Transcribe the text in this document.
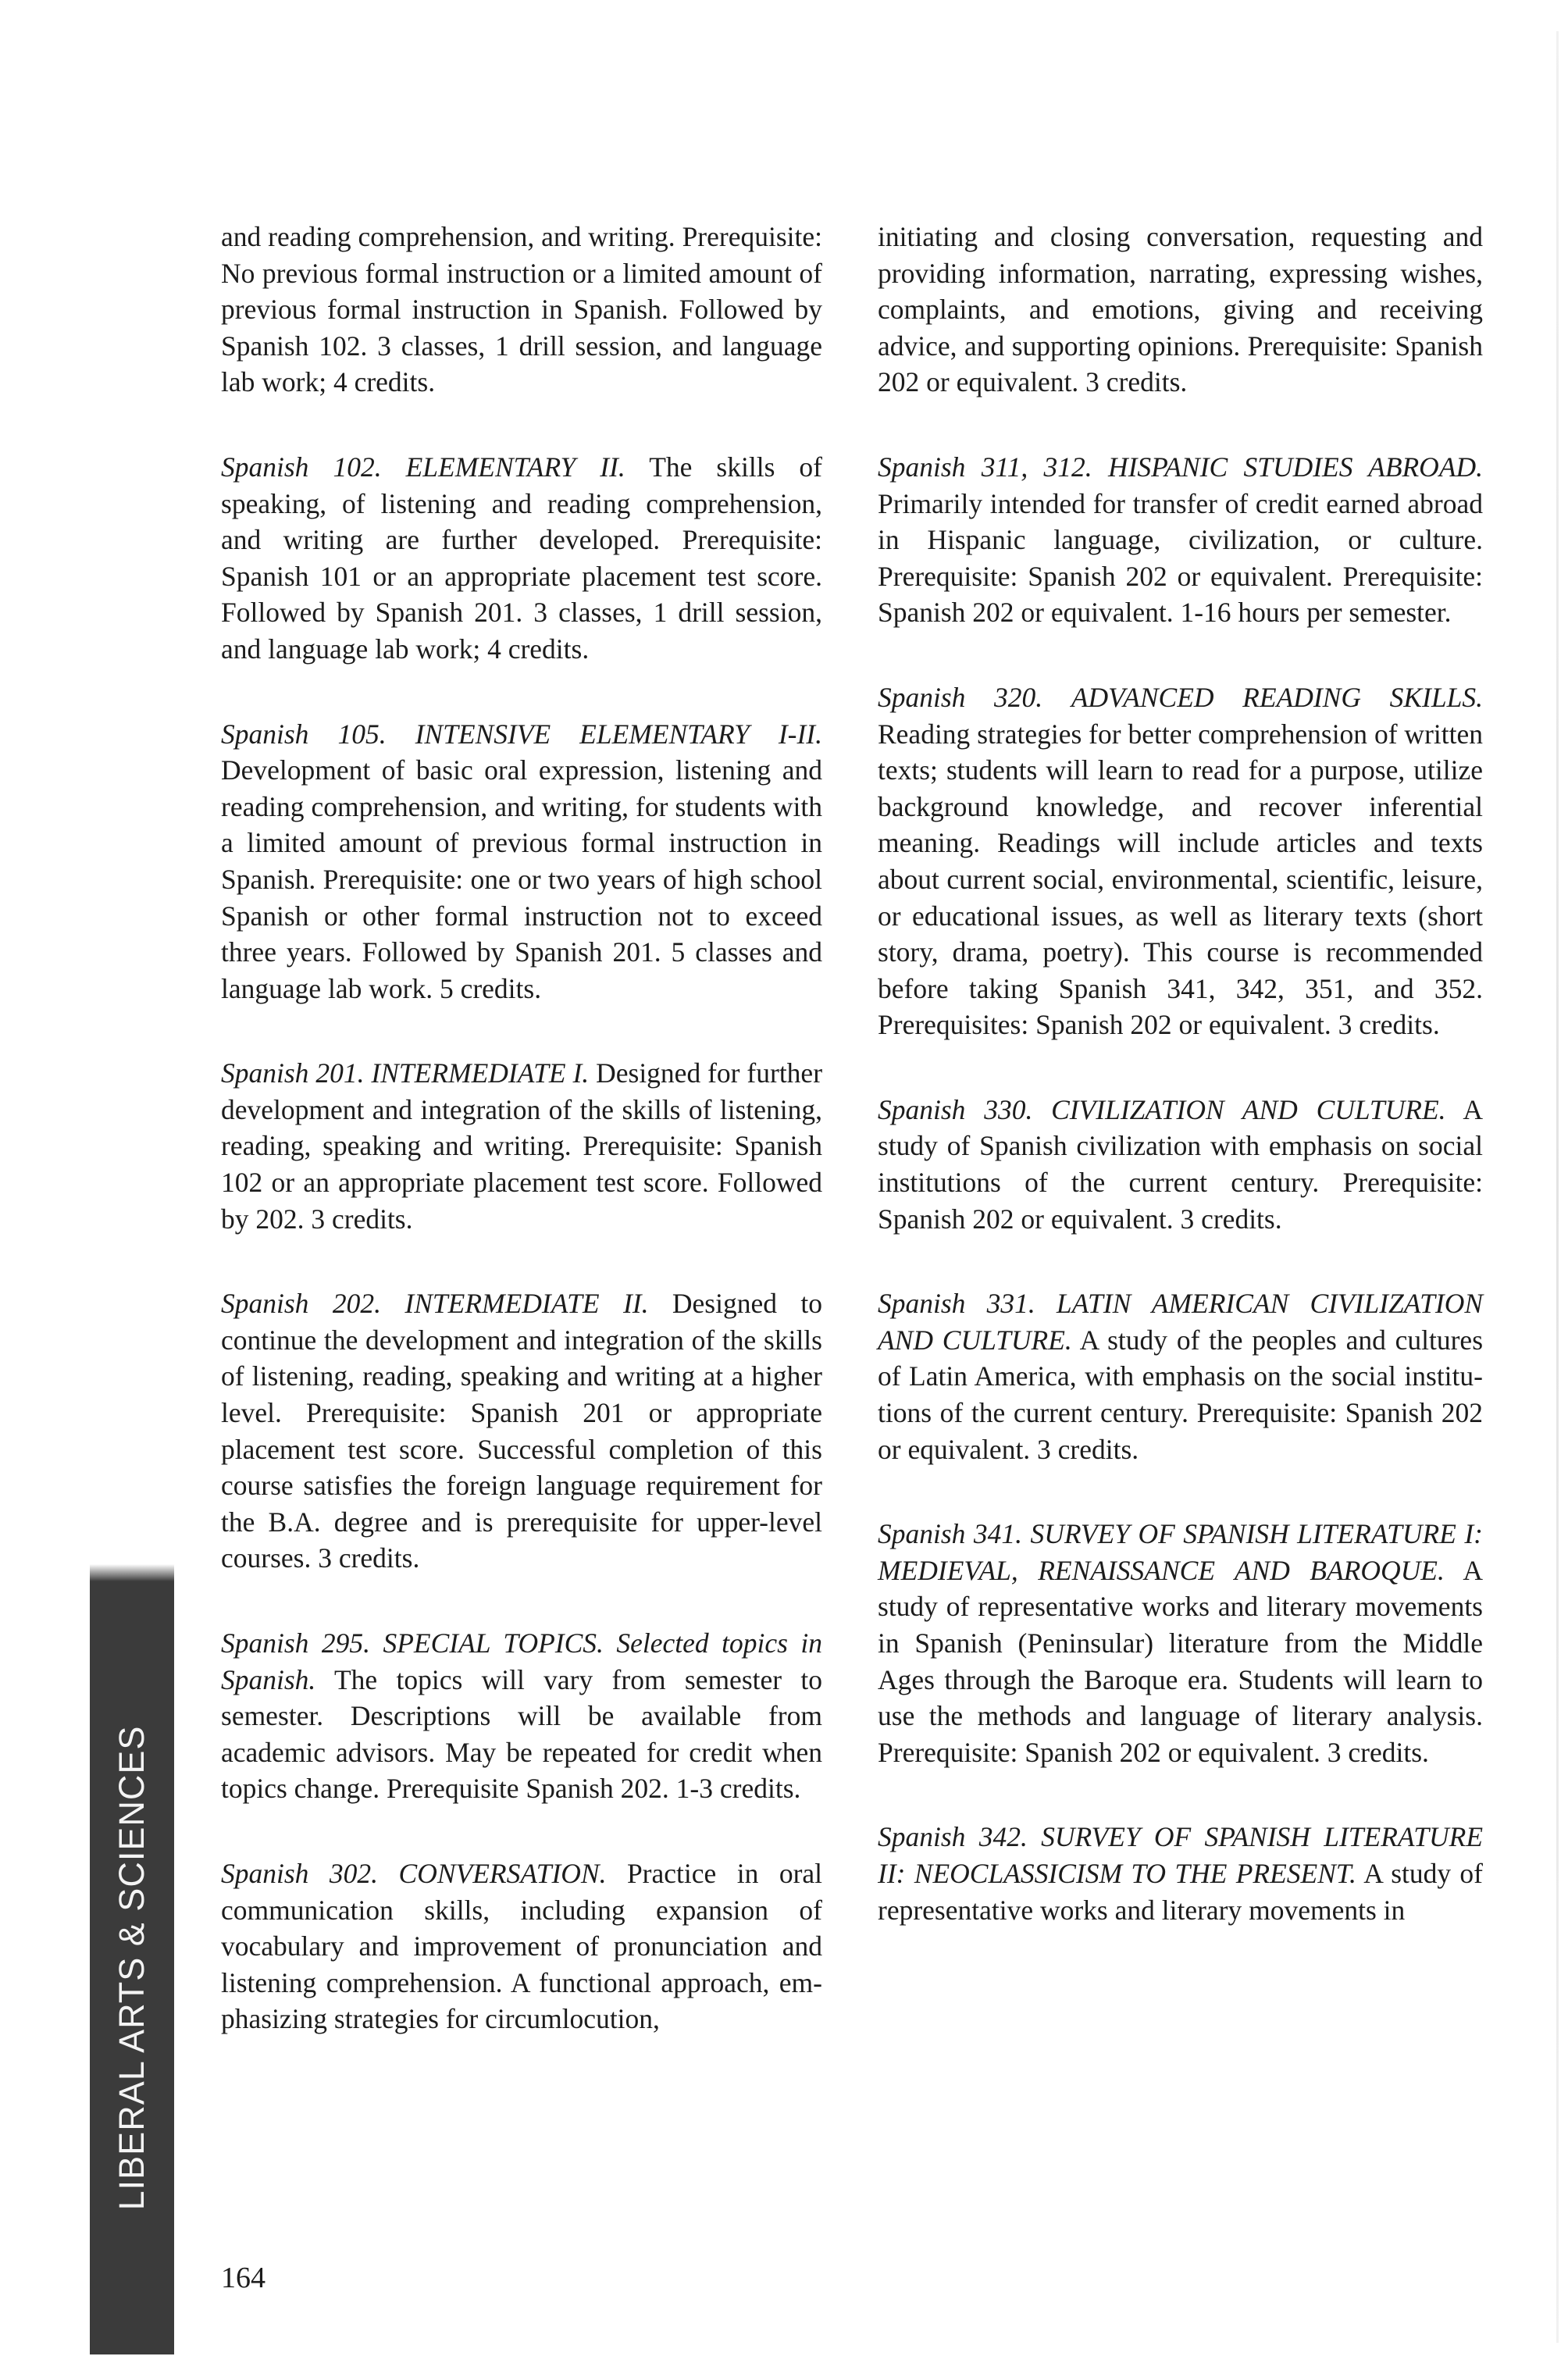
and reading comprehension, and writing. Prerequisite: No previous formal instruction or a limited amount of previous formal instruction in Spanish. Followed by Spanish 102. 3 classes, 1 drill session, and language lab work; 4 credits.

Spanish 102. ELEMENTARY II. The skills of speaking, of listening and reading comprehension, and writing are further developed. Prerequisite: Spanish 101 or an appropriate placement test score. Followed by Spanish 201. 3 classes, 1 drill session, and language lab work; 4 credits.

Spanish 105. INTENSIVE ELEMENTARY I-II. Development of basic oral expression, listening and reading comprehension, and writing, for students with a limited amount of previous formal instruction in Spanish. Prerequisite: one or two years of high school Spanish or other formal instruction not to exceed three years. Followed by Spanish 201. 5 classes and language lab work. 5 credits.

Spanish 201. INTERMEDIATE I. Designed for further development and integration of the skills of listening, reading, speaking and writing. Prerequisite: Spanish 102 or an appropriate placement test score. Followed by 202. 3 credits.

Spanish 202. INTERMEDIATE II. Designed to continue the development and integration of the skills of listening, reading, speaking and writing at a higher level. Prerequisite: Spanish 201 or appropriate placement test score. Successful completion of this course satisfies the foreign language requirement for the B.A. degree and is prerequisite for upper-level courses. 3 credits.

Spanish 295. SPECIAL TOPICS. Selected topics in Spanish. The topics will vary from semester to semester. Descriptions will be available from academic advisors. May be repeated for credit when topics change. Prerequisite Spanish 202. 1-3 credits.

Spanish 302. CONVERSATION. Practice in oral communication skills, including expansion of vocabulary and improvement of pronunciation and listening comprehension. A functional approach, emphasizing strategies for circumlocution,

initiating and closing conversation, requesting and providing information, narrating, expressing wishes, complaints, and emotions, giving and receiving advice, and supporting opinions. Prerequisite: Spanish 202 or equivalent. 3 credits.

Spanish 311, 312. HISPANIC STUDIES ABROAD. Primarily intended for transfer of credit earned abroad in Hispanic language, civilization, or culture. Prerequisite: Spanish 202 or equivalent. Prerequisite: Spanish 202 or equivalent. 1-16 hours per semester.

Spanish 320. ADVANCED READING SKILLS. Reading strategies for better comprehension of written texts; students will learn to read for a purpose, utilize background knowledge, and recover inferential meaning. Readings will include articles and texts about current social, environmental, scientific, leisure, or educational issues, as well as literary texts (short story, drama, poetry). This course is recommended before taking Spanish 341, 342, 351, and 352. Prerequisites: Spanish 202 or equivalent. 3 credits.

Spanish 330. CIVILIZATION AND CULTURE. A study of Spanish civilization with emphasis on social institutions of the current century. Prerequisite: Spanish 202 or equivalent. 3 credits.

Spanish 331. LATIN AMERICAN CIVILIZATION AND CULTURE. A study of the peoples and cultures of Latin America, with emphasis on the social institutions of the current century. Prerequisite: Spanish 202 or equivalent. 3 credits.

Spanish 341. SURVEY OF SPANISH LITERATURE I: MEDIEVAL, RENAISSANCE AND BAROQUE. A study of representative works and literary movements in Spanish (Peninsular) literature from the Middle Ages through the Baroque era. Students will learn to use the methods and language of literary analysis. Prerequisite: Spanish 202 or equivalent. 3 credits.

Spanish 342. SURVEY OF SPANISH LITERATURE II: NEOCLASSICISM TO THE PRESENT. A study of representative works and literary movements in

LIBERAL ARTS & SCIENCES
164
